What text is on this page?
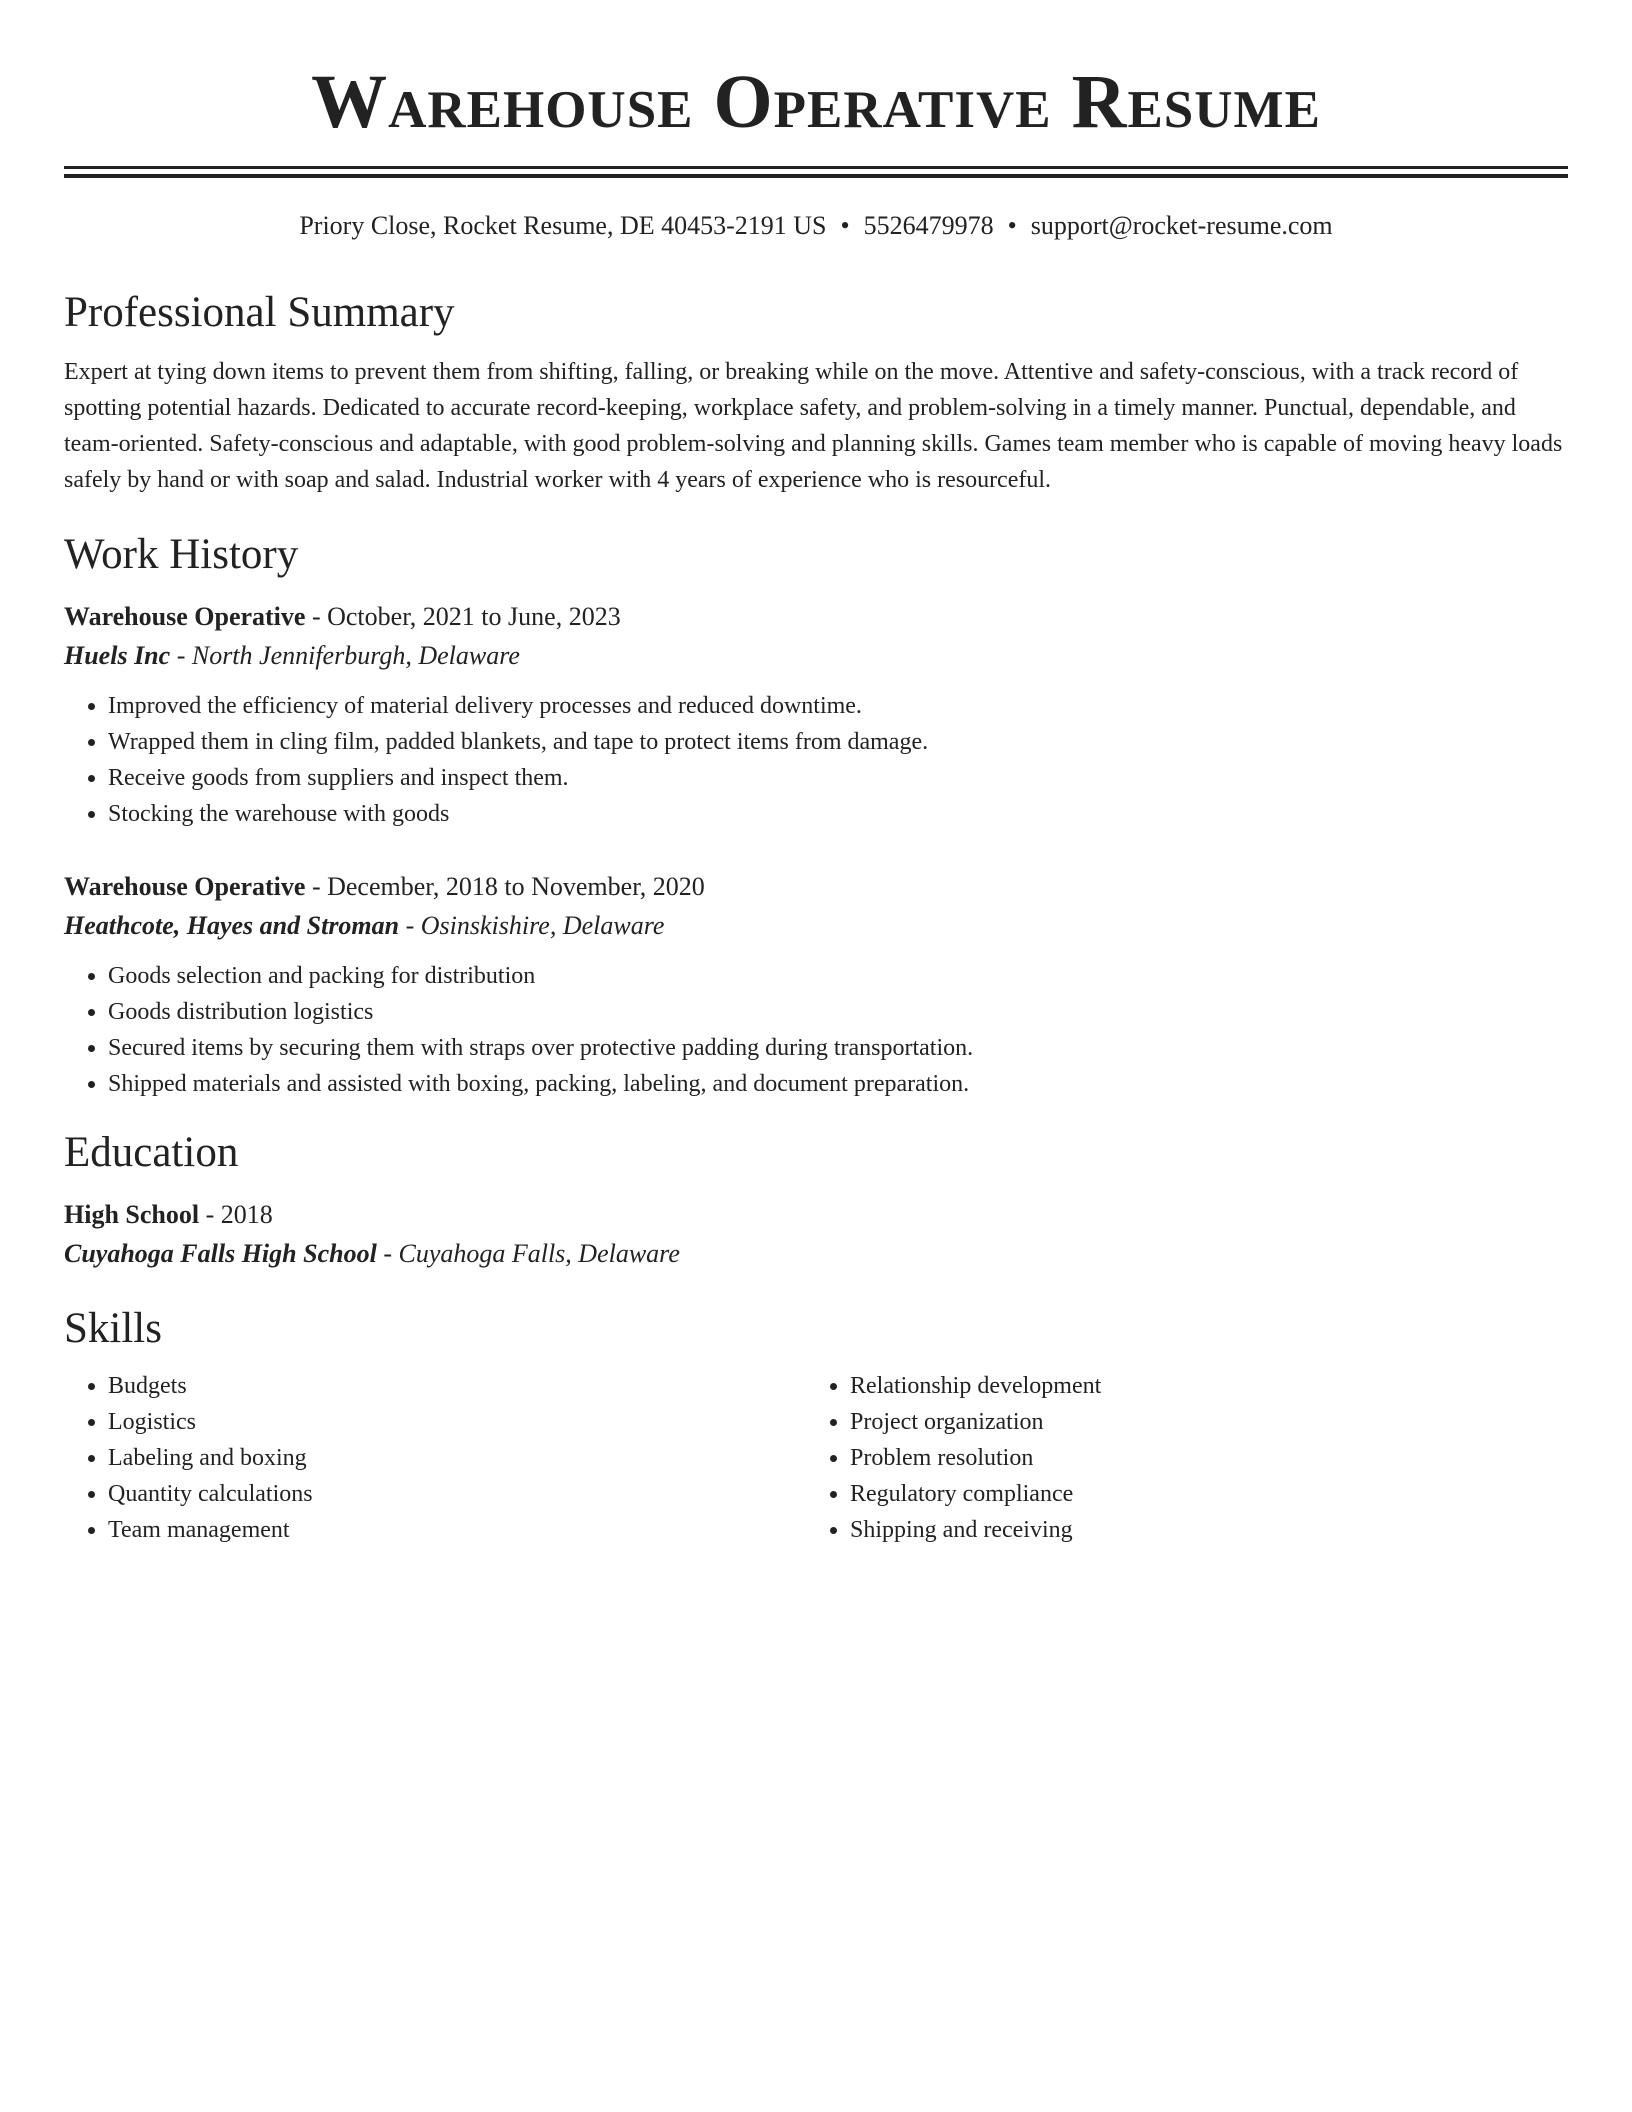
Warehouse Operative Resume
Priory Close, Rocket Resume, DE 40453-2191 US • 5526479978 • support@rocket-resume.com
Professional Summary
Expert at tying down items to prevent them from shifting, falling, or breaking while on the move. Attentive and safety-conscious, with a track record of spotting potential hazards. Dedicated to accurate record-keeping, workplace safety, and problem-solving in a timely manner. Punctual, dependable, and team-oriented. Safety-conscious and adaptable, with good problem-solving and planning skills. Games team member who is capable of moving heavy loads safely by hand or with soap and salad. Industrial worker with 4 years of experience who is resourceful.
Work History
Warehouse Operative - October, 2021 to June, 2023
Huels Inc - North Jenniferburgh, Delaware
• Improved the efficiency of material delivery processes and reduced downtime.
• Wrapped them in cling film, padded blankets, and tape to protect items from damage.
• Receive goods from suppliers and inspect them.
• Stocking the warehouse with goods
Warehouse Operative - December, 2018 to November, 2020
Heathcote, Hayes and Stroman - Osinskishire, Delaware
• Goods selection and packing for distribution
• Goods distribution logistics
• Secured items by securing them with straps over protective padding during transportation.
• Shipped materials and assisted with boxing, packing, labeling, and document preparation.
Education
High School - 2018
Cuyahoga Falls High School - Cuyahoga Falls, Delaware
Skills
• Budgets
• Logistics
• Labeling and boxing
• Quantity calculations
• Team management
• Relationship development
• Project organization
• Problem resolution
• Regulatory compliance
• Shipping and receiving
